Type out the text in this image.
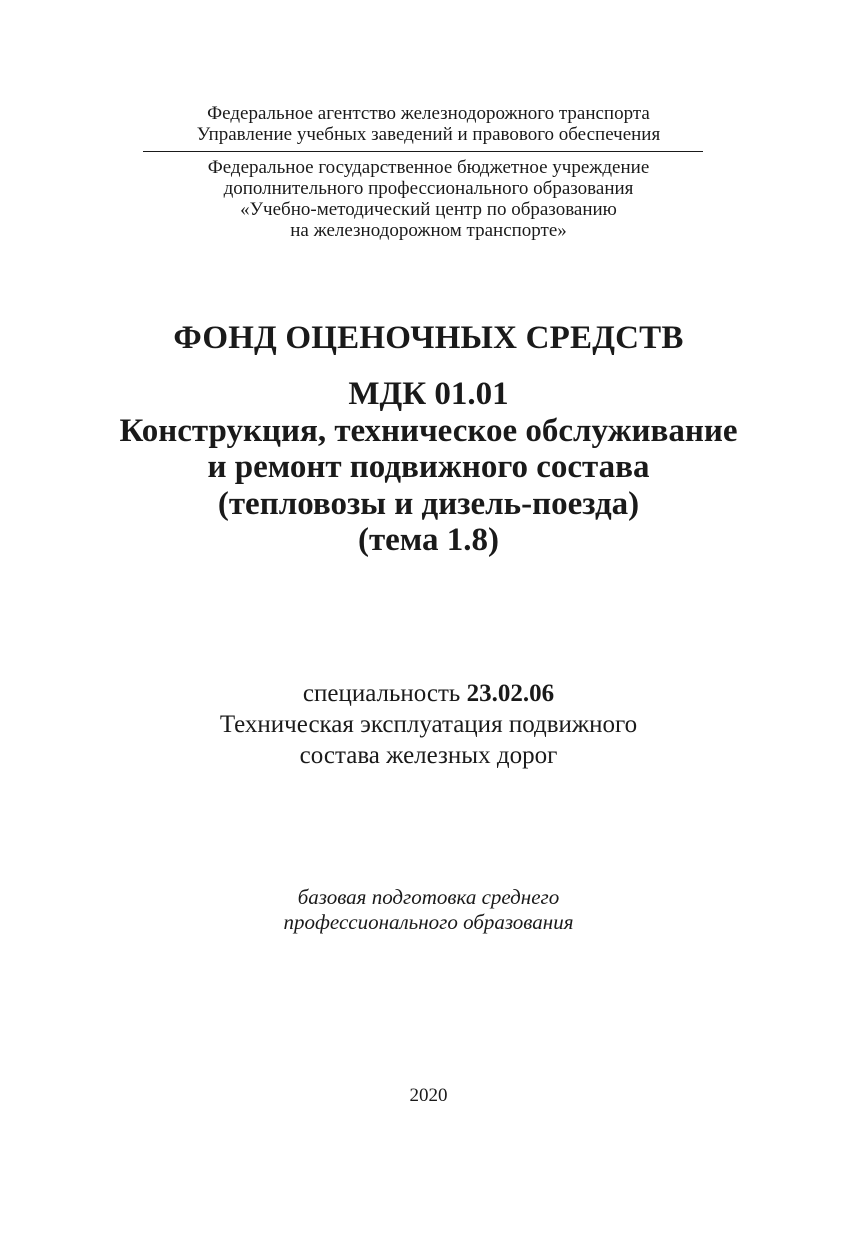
Федеральное агентство железнодорожного транспорта
Управление учебных заведений и правового обеспечения
Федеральное государственное бюджетное учреждение
дополнительного профессионального образования
«Учебно-методический центр по образованию
на железнодорожном транспорте»
ФОНД ОЦЕНОЧНЫХ СРЕДСТВ
МДК 01.01
Конструкция, техническое обслуживание
и ремонт подвижного состава
(тепловозы и дизель-поезда)
(тема 1.8)
специальность 23.02.06
Техническая эксплуатация подвижного
состава железных дорог
базовая подготовка среднего
профессионального образования
2020
